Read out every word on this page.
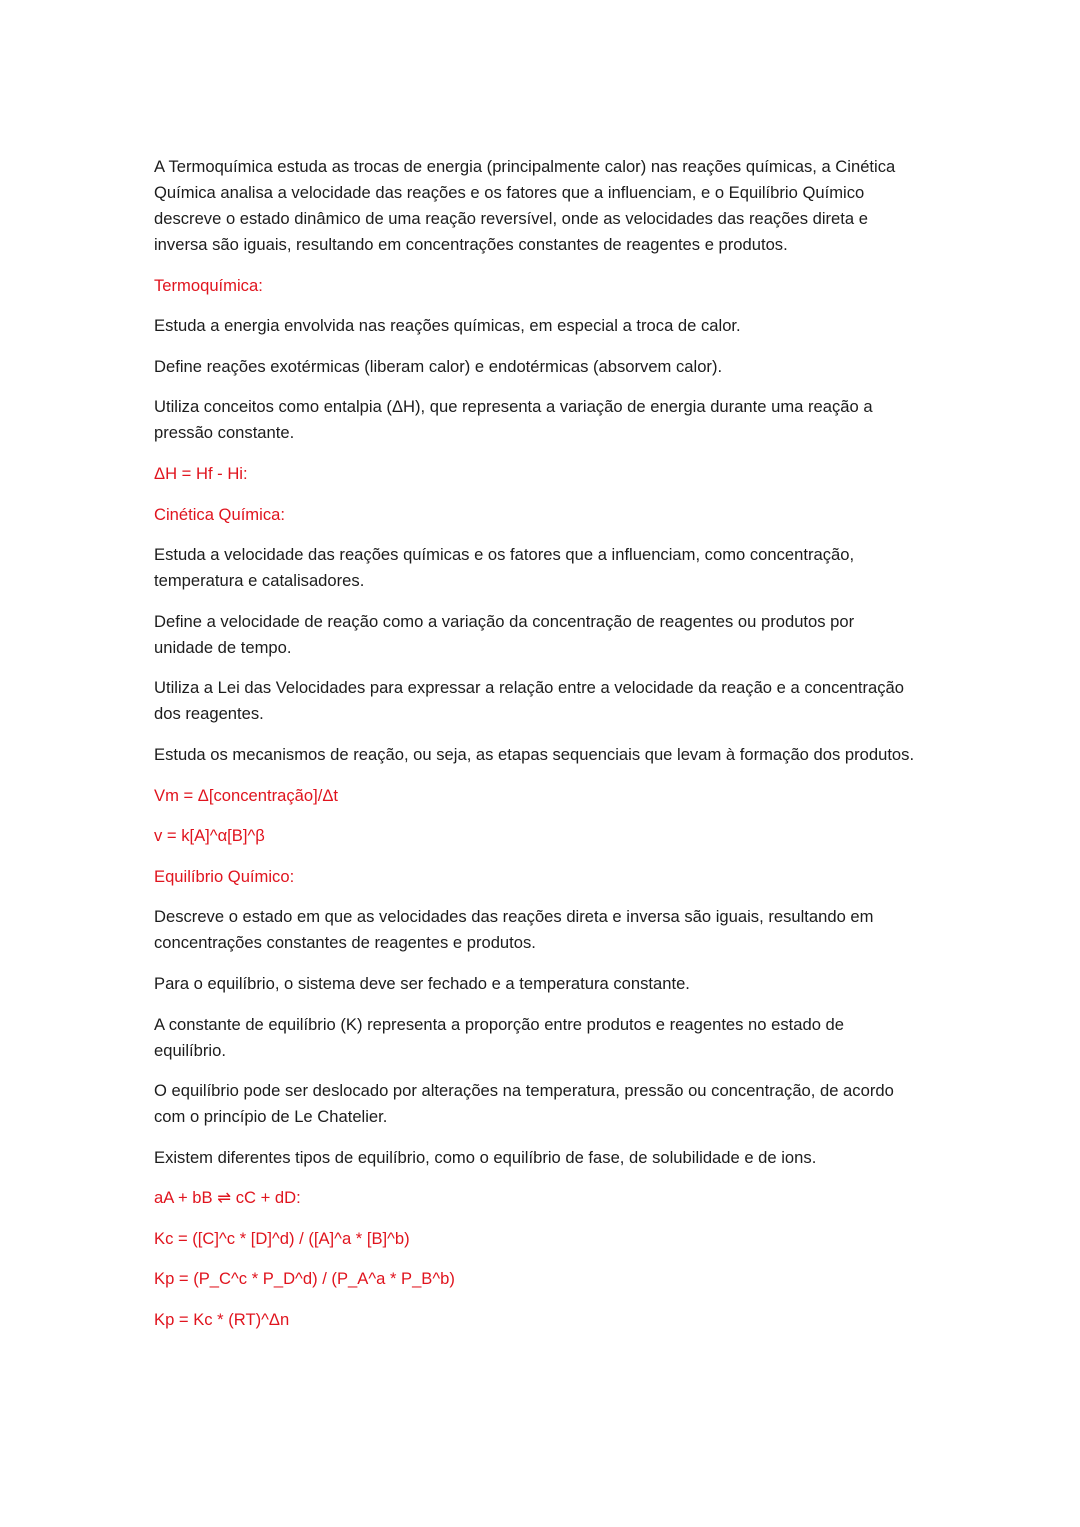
A Termoquímica estuda as trocas de energia (principalmente calor) nas reações químicas, a Cinética
Química analisa a velocidade das reações e os fatores que a influenciam, e o Equilíbrio Químico
descreve o estado dinâmico de uma reação reversível, onde as velocidades das reações direta e
inversa são iguais, resultando em concentrações constantes de reagentes e produtos.
Termoquímica:
Estuda a energia envolvida nas reações químicas, em especial a troca de calor.
Define reações exotérmicas (liberam calor) e endotérmicas (absorvem calor).
Utiliza conceitos como entalpia (ΔH), que representa a variação de energia durante uma reação a
pressão constante.
ΔH = Hf - Hi:
Cinética Química:
Estuda a velocidade das reações químicas e os fatores que a influenciam, como concentração,
temperatura e catalisadores.
Define a velocidade de reação como a variação da concentração de reagentes ou produtos por
unidade de tempo.
Utiliza a Lei das Velocidades para expressar a relação entre a velocidade da reação e a concentração
dos reagentes.
Estuda os mecanismos de reação, ou seja, as etapas sequenciais que levam à formação dos produtos.
Vm = Δ[concentração]/Δt
v = k[A]^α[B]^β
Equilíbrio Químico:
Descreve o estado em que as velocidades das reações direta e inversa são iguais, resultando em
concentrações constantes de reagentes e produtos.
Para o equilíbrio, o sistema deve ser fechado e a temperatura constante.
A constante de equilíbrio (K) representa a proporção entre produtos e reagentes no estado de
equilíbrio.
O equilíbrio pode ser deslocado por alterações na temperatura, pressão ou concentração, de acordo
com o princípio de Le Chatelier.
Existem diferentes tipos de equilíbrio, como o equilíbrio de fase, de solubilidade e de ions.
aA + bB ⇌ cC + dD:
Kc = ([C]^c * [D]^d) / ([A]^a * [B]^b)
Kp = (P_C^c * P_D^d) / (P_A^a * P_B^b)
Kp = Kc * (RT)^Δn
